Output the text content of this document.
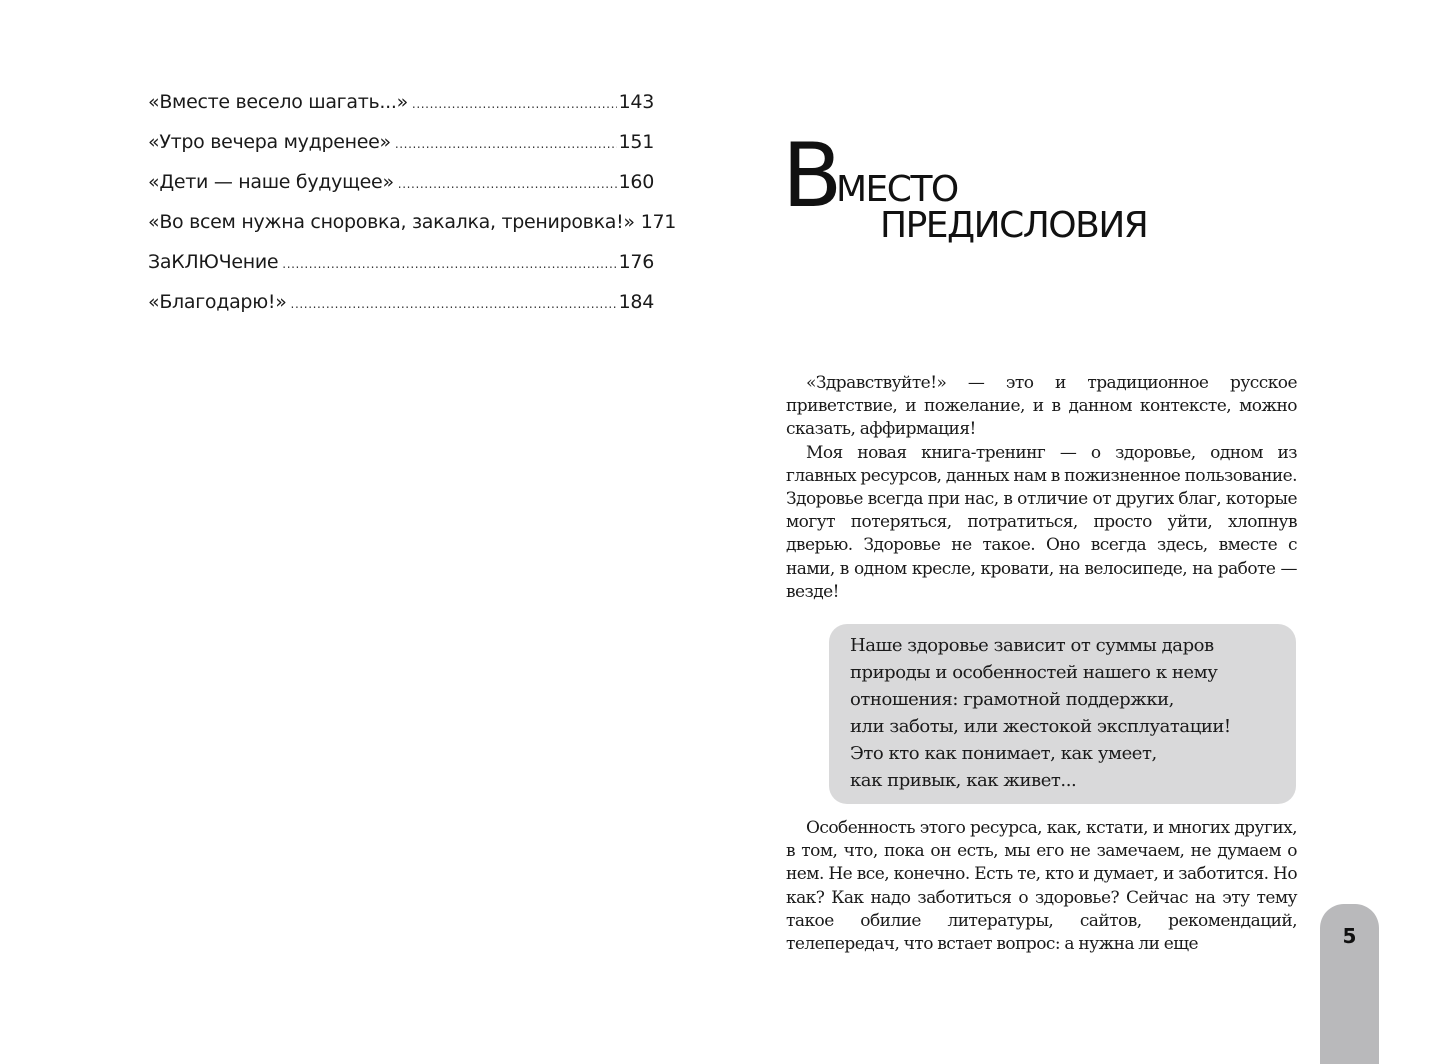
«Вместе весело шагать...» .....	143
«Утро вечера мудренее» .....	151
«Дети — наше будущее» .....	160
«Во всем нужна сноровка, закалка, тренировка!» 171
ЗаКЛЮЧение .....	176
«Благодарю!» .....	184
В
МЕСТО
ПРЕДИСЛОВИЯ

«Здравствуйте!» — это и традиционное русское приветствие, и пожелание, и в данном контексте, можно сказать, аффирмация!

Моя новая книга-тренинг — о здоровье, одном из главных ресурсов, данных нам в пожизненное пользование. Здоровье всегда при нас, в отличие от других благ, которые могут потеряться, потратиться, просто уйти, хлопнув дверью. Здоровье не такое. Оно всегда здесь, вместе с нами, в одном кресле, кровати, на велосипеде, на работе — везде!

Наше здоровье зависит от суммы даров
природы и особенностей нашего к нему
отношения: грамотной поддержки,
или заботы, или жестокой эксплуатации!
Это кто как понимает, как умеет,
как привык, как живет...

Особенность этого ресурса, как, кстати, и многих других, в том, что, пока он есть, мы его не замечаем, не думаем о нем. Не все, конечно. Есть те, кто и думает, и заботится. Но как? Как надо заботиться о здоровье? Сейчас на эту тему такое обилие литературы, сайтов, рекомендаций, телепередач, что встает вопрос: а нужна ли еще	5
